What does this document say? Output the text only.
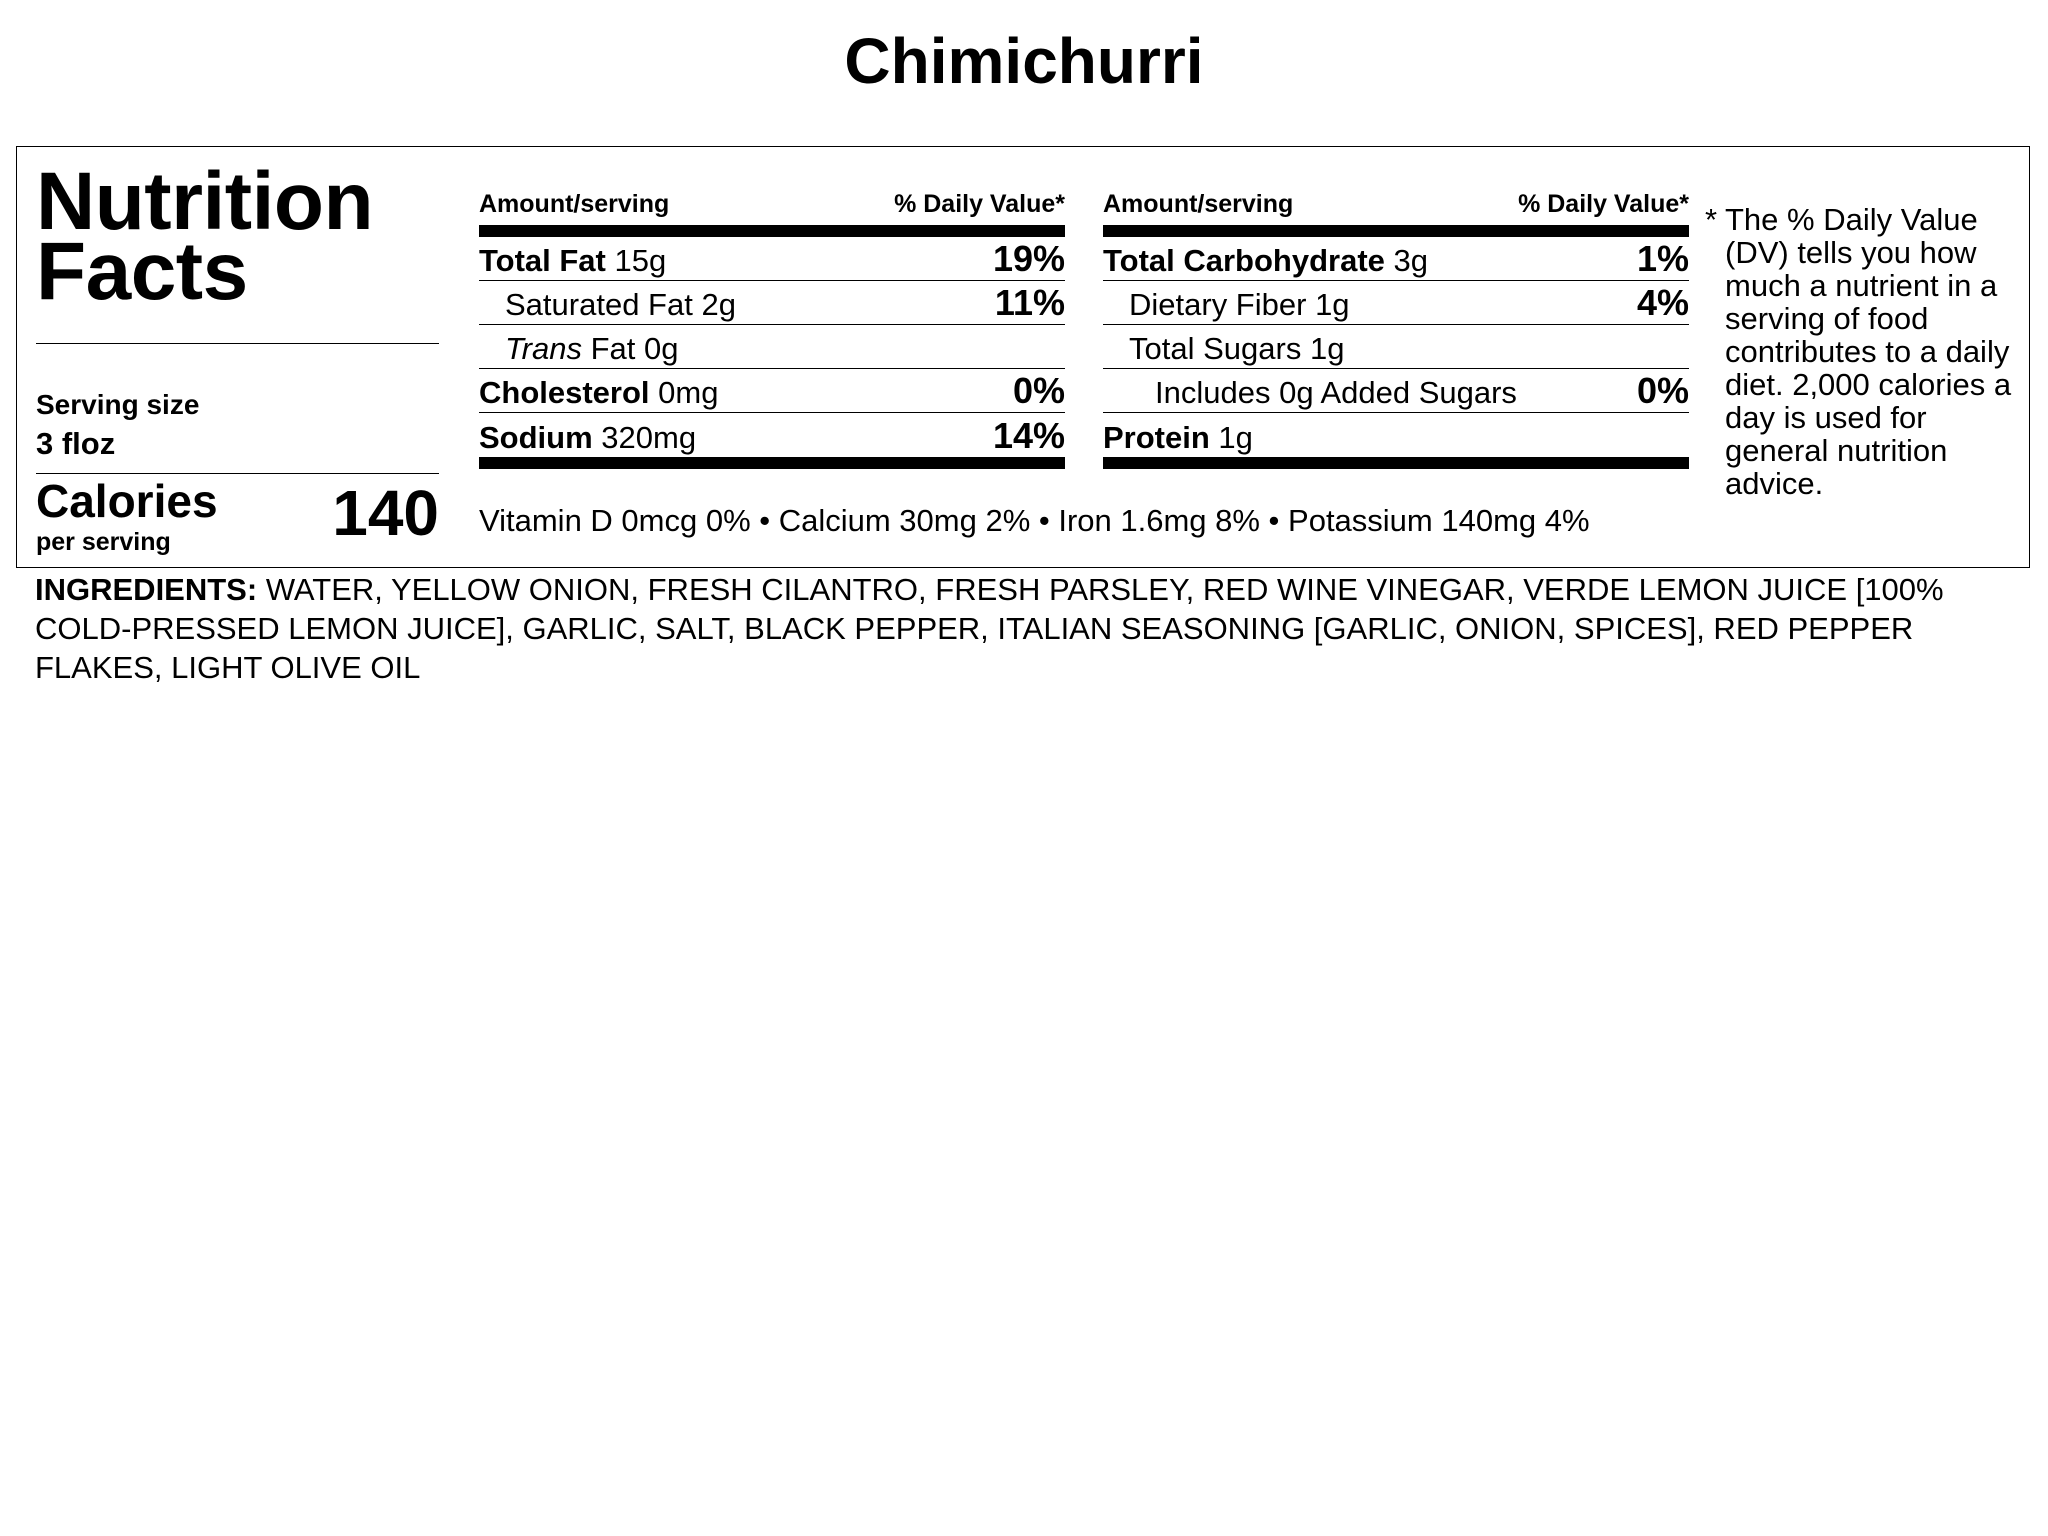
Chimichurri
Nutrition
Facts
Serving size
3 floz
Calories
per serving	140
Amount/serving	% Daily Value*
Total Fat 15g	19%
Saturated Fat 2g	11%
Trans Fat 0g
Cholesterol 0mg	0%
Sodium 320mg	14%
Amount/serving	% Daily Value*
Total Carbohydrate 3g	1%
Dietary Fiber 1g	4%
Total Sugars 1g
Includes 0g Added Sugars	0%
Protein 1g
Vitamin D 0mcg 0% • Calcium 30mg 2% • Iron 1.6mg 8% • Potassium 140mg 4%
* The % Daily Value (DV) tells you how much a nutrient in a serving of food contributes to a daily diet. 2,000 calories a day is used for general nutrition advice.
INGREDIENTS: WATER, YELLOW ONION, FRESH CILANTRO, FRESH PARSLEY, RED WINE VINEGAR, VERDE LEMON JUICE [100% COLD-PRESSED LEMON JUICE], GARLIC, SALT, BLACK PEPPER, ITALIAN SEASONING [GARLIC, ONION, SPICES], RED PEPPER FLAKES, LIGHT OLIVE OIL
